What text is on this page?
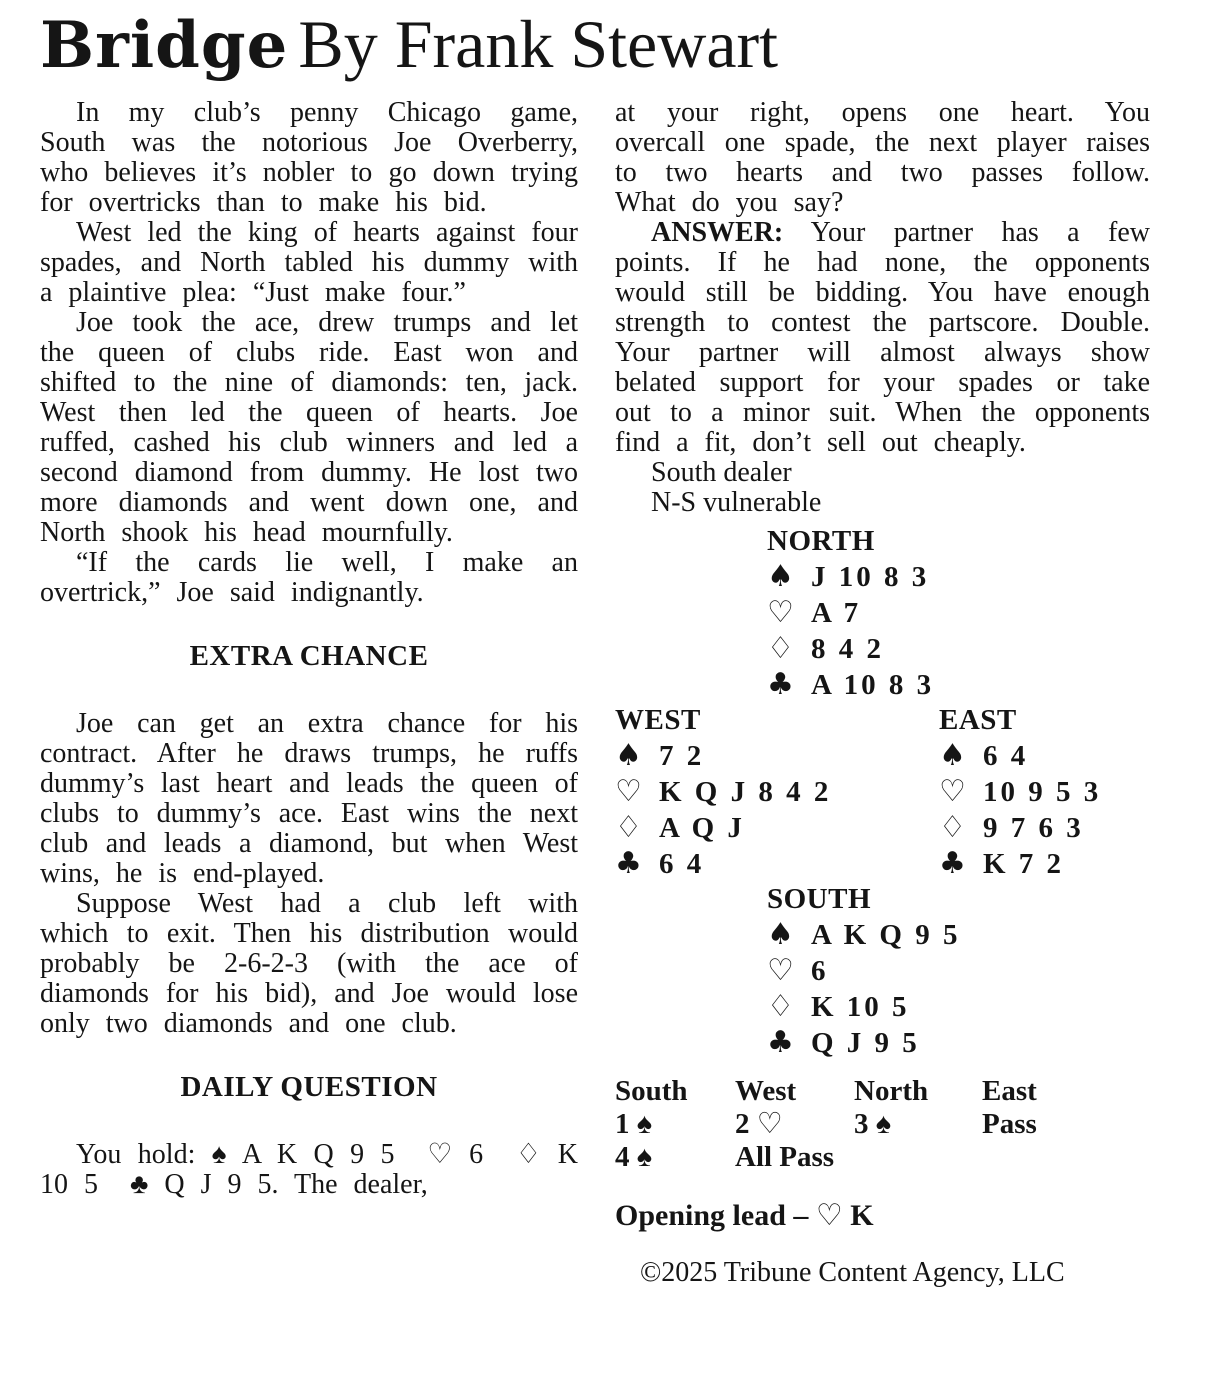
Bridge By Frank Stewart

In my club’s penny Chicago game, South was the notorious Joe Overberry, who believes it’s nobler to go down trying for overtricks than to make his bid.

West led the king of hearts against four spades, and North tabled his dummy with a plaintive plea: “Just make four.”

Joe took the ace, drew trumps and let the queen of clubs ride. East won and shifted to the nine of diamonds: ten, jack. West then led the queen of hearts. Joe ruffed, cashed his club winners and led a second diamond from dummy. He lost two more diamonds and went down one, and North shook his head mournfully.

“If the cards lie well, I make an overtrick,” Joe said indignantly.

EXTRA CHANCE

Joe can get an extra chance for his contract. After he draws trumps, he ruffs dummy’s last heart and leads the queen of clubs to dummy’s ace. East wins the next club and leads a diamond, but when West wins, he is end-played.

Suppose West had a club left with which to exit. Then his distribution would probably be 2-6-2-3 (with the ace of diamonds for his bid), and Joe would lose only two diamonds and one club.

DAILY QUESTION

You hold: ♠ A K Q 9 5  ♡ 6  ♢ K 10 5  ♣ Q J 9 5. The dealer,

at your right, opens one heart. You overcall one spade, the next player raises to two hearts and two passes follow. What do you say?

ANSWER: Your partner has a few points. If he had none, the opponents would still be bidding. You have enough strength to contest the partscore. Double. Your partner will almost always show belated support for your spades or take out to a minor suit. When the opponents find a fit, don’t sell out cheaply.

South dealer

N-S vulnerable

NORTH
♠ J 10 8 3
♡ A 7
♢ 8 4 2
♣ A 10 8 3
WEST
♠ 7 2
♡ K Q J 8 4 2
♢ A Q J
♣ 6 4
EAST
♠ 6 4
♡ 10 9 5 3
♢ 9 7 6 3
♣ K 7 2
SOUTH
♠ A K Q 9 5
♡ 6
♢ K 10 5
♣ Q J 9 5
South	West	North	East
1 ♠	2 ♡	3 ♠	Pass
4 ♠	All Pass		

Opening lead – ♡ K

©2025 Tribune Content Agency, LLC
